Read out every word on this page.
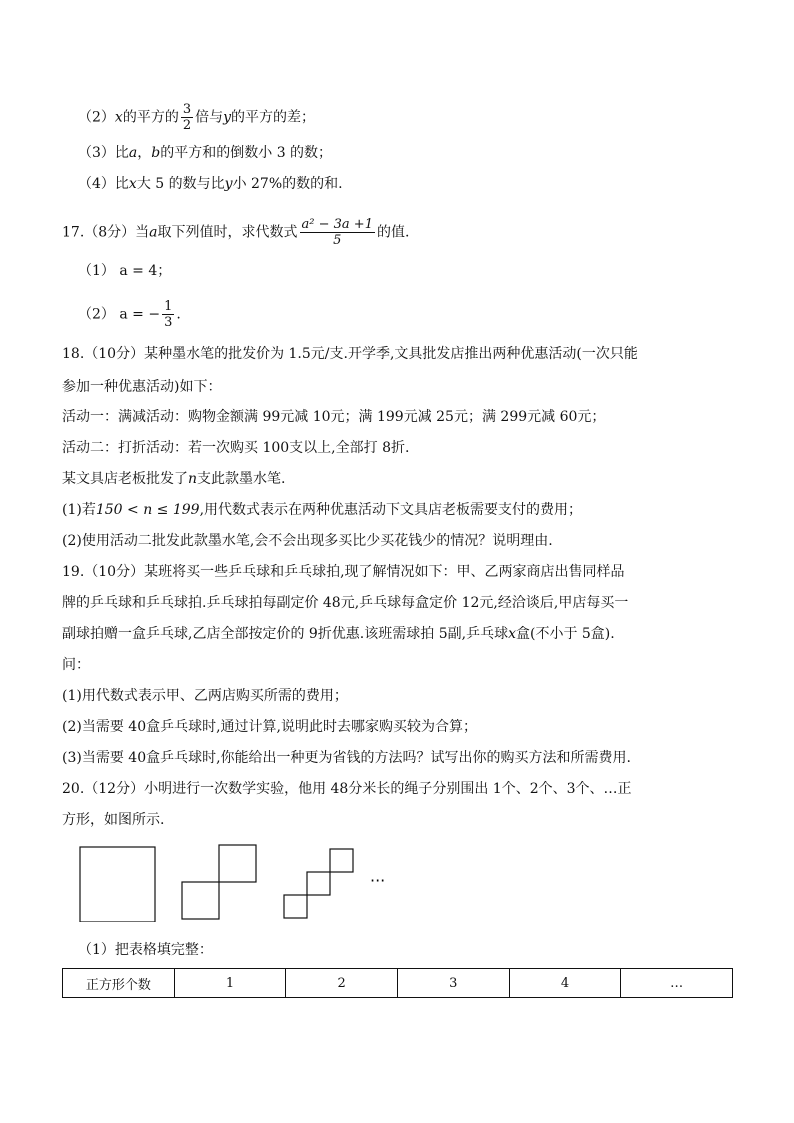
（2）x的平方的 $\frac{3}{2}$ 倍与y的平方的差；
（3）比a，b的平方和的倒数小 3 的数；
（4）比x大 5 的数与比y小 27%的数的和.
17.（8分）当a取下列值时，求代数式 $\frac{\text{a² − 3a +1}}{5}$ 的值.
（1） a = 4；
（2） a = − $\frac{1}{3}$ .
18.（10分）某种墨水笔的批发价为 1.5元/支.开学季,文具批发店推出两种优惠活动(一次只能
参加一种优惠活动)如下：
活动一：满减活动：购物金额满 99元减 10元；满 199元减 25元；满 299元减 60元；
活动二：打折活动：若一次购买 100支以上,全部打 8折.
某文具店老板批发了n支此款墨水笔.
(1)若150 < n ≤ 199,用代数式表示在两种优惠活动下文具店老板需要支付的费用；
(2)使用活动二批发此款墨水笔,会不会出现多买比少买花钱少的情况？说明理由.
19.（10分）某班将买一些乒乓球和乒乓球拍,现了解情况如下：甲、乙两家商店出售同样品
牌的乒乓球和乒乓球拍.乒乓球拍每副定价 48元,乒乓球每盒定价 12元,经洽谈后,甲店每买一
副球拍赠一盒乒乓球,乙店全部按定价的 9折优惠.该班需球拍 5副,乒乓球x盒(不小于 5盒).
问：
(1)用代数式表示甲、乙两店购买所需的费用；
(2)当需要 40盒乒乓球时,通过计算,说明此时去哪家购买较为合算；
(3)当需要 40盒乒乓球时,你能给出一种更为省钱的方法吗？试写出你的购买方法和所需费用.
20.（12分）小明进行一次数学实验，他用 48分米长的绳子分别围出 1个、2个、3个、…正
方形，如图所示.
···
（1）把表格填完整：
正方形个数	1	2	3	4	…
